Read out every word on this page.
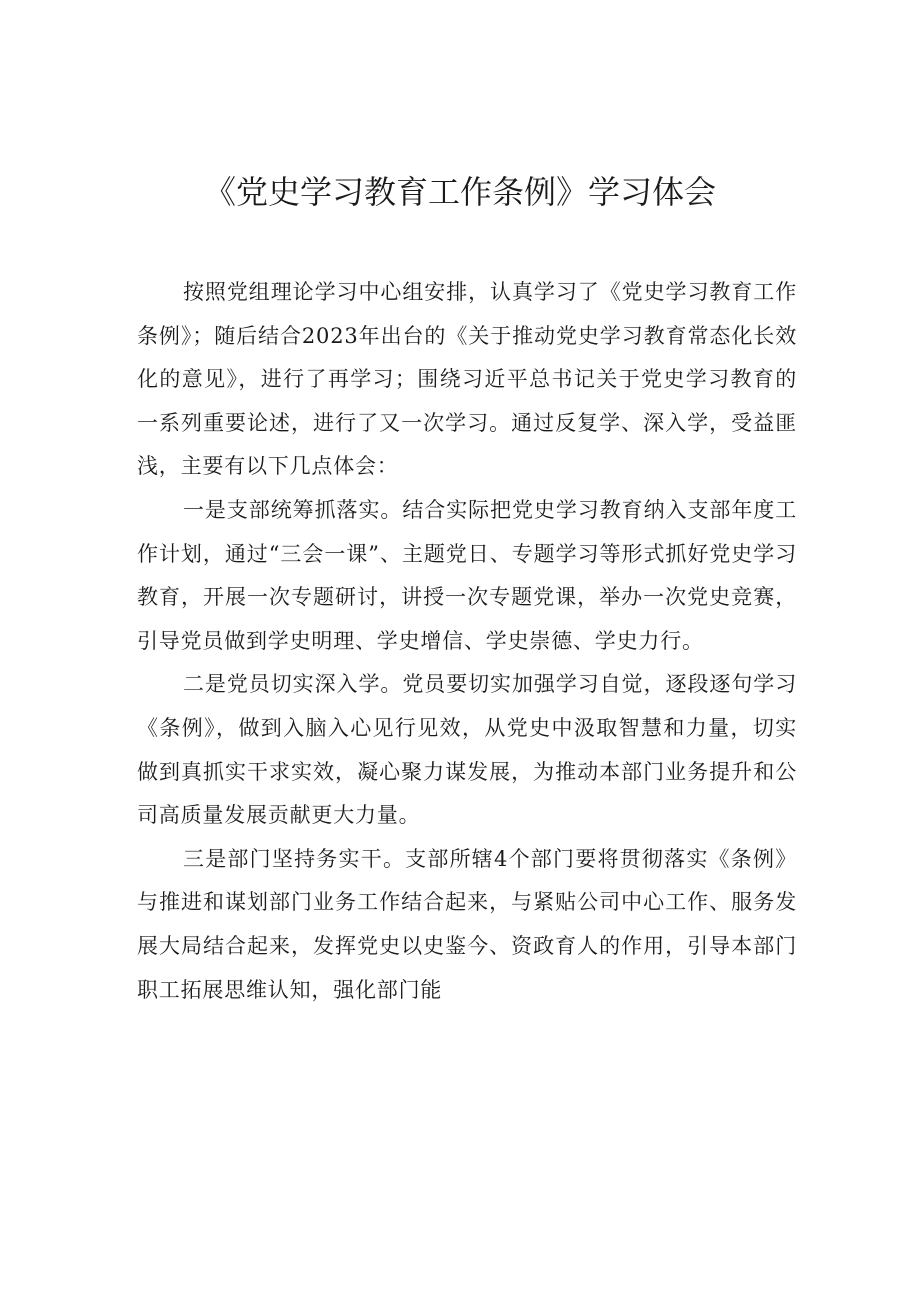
《党史学习教育工作条例》学习体会

按照党组理论学习中心组安排，认真学习了《党史学习教育工作条例》；随后结合2023年出台的《关于推动党史学习教育常态化长效化的意见》，进行了再学习；围绕习近平总书记关于党史学习教育的一系列重要论述，进行了又一次学习。通过反复学、深入学，受益匪浅，主要有以下几点体会：

一是支部统筹抓落实。结合实际把党史学习教育纳入支部年度工作计划，通过“三会一课”、主题党日、专题学习等形式抓好党史学习教育，开展一次专题研讨，讲授一次专题党课，举办一次党史竞赛，引导党员做到学史明理、学史增信、学史崇德、学史力行。

二是党员切实深入学。党员要切实加强学习自觉，逐段逐句学习《条例》，做到入脑入心见行见效，从党史中汲取智慧和力量，切实做到真抓实干求实效，凝心聚力谋发展，为推动本部门业务提升和公司高质量发展贡献更大力量。

三是部门坚持务实干。支部所辖4个部门要将贯彻落实《条例》与推进和谋划部门业务工作结合起来，与紧贴公司中心工作、服务发展大局结合起来，发挥党史以史鉴今、资政育人的作用，引导本部门职工拓展思维认知，强化部门能
